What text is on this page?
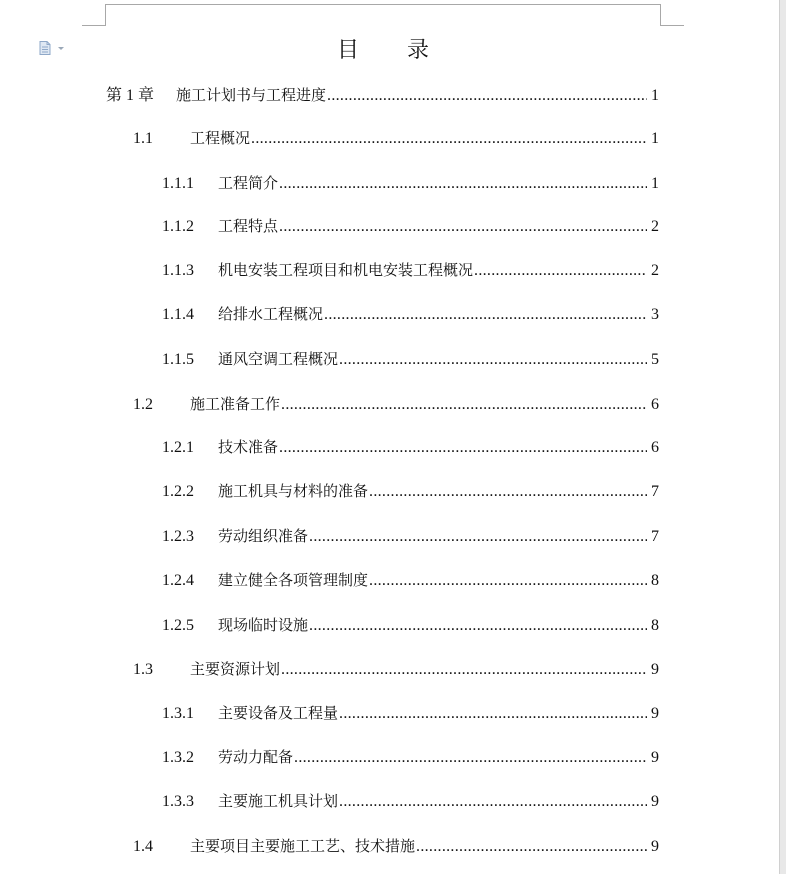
目 录
第 1 章	施工计划书与工程进度 .....	1
1.1	工程概况 .....	1
1.1.1	工程简介 .....	1
1.1.2	工程特点 .....	2
1.1.3	机电安装工程项目和机电安装工程概况 .....	2
1.1.4	给排水工程概况 .....	3
1.1.5	通风空调工程概况 .....	5
1.2	施工准备工作 .....	6
1.2.1	技术准备 .....	6
1.2.2	施工机具与材料的准备 .....	7
1.2.3	劳动组织准备 .....	7
1.2.4	建立健全各项管理制度 .....	8
1.2.5	现场临时设施 .....	8
1.3	主要资源计划 .....	9
1.3.1	主要设备及工程量 .....	9
1.3.2	劳动力配备 .....	9
1.3.3	主要施工机具计划 .....	9
1.4	主要项目主要施工工艺、技术措施 .....	9
